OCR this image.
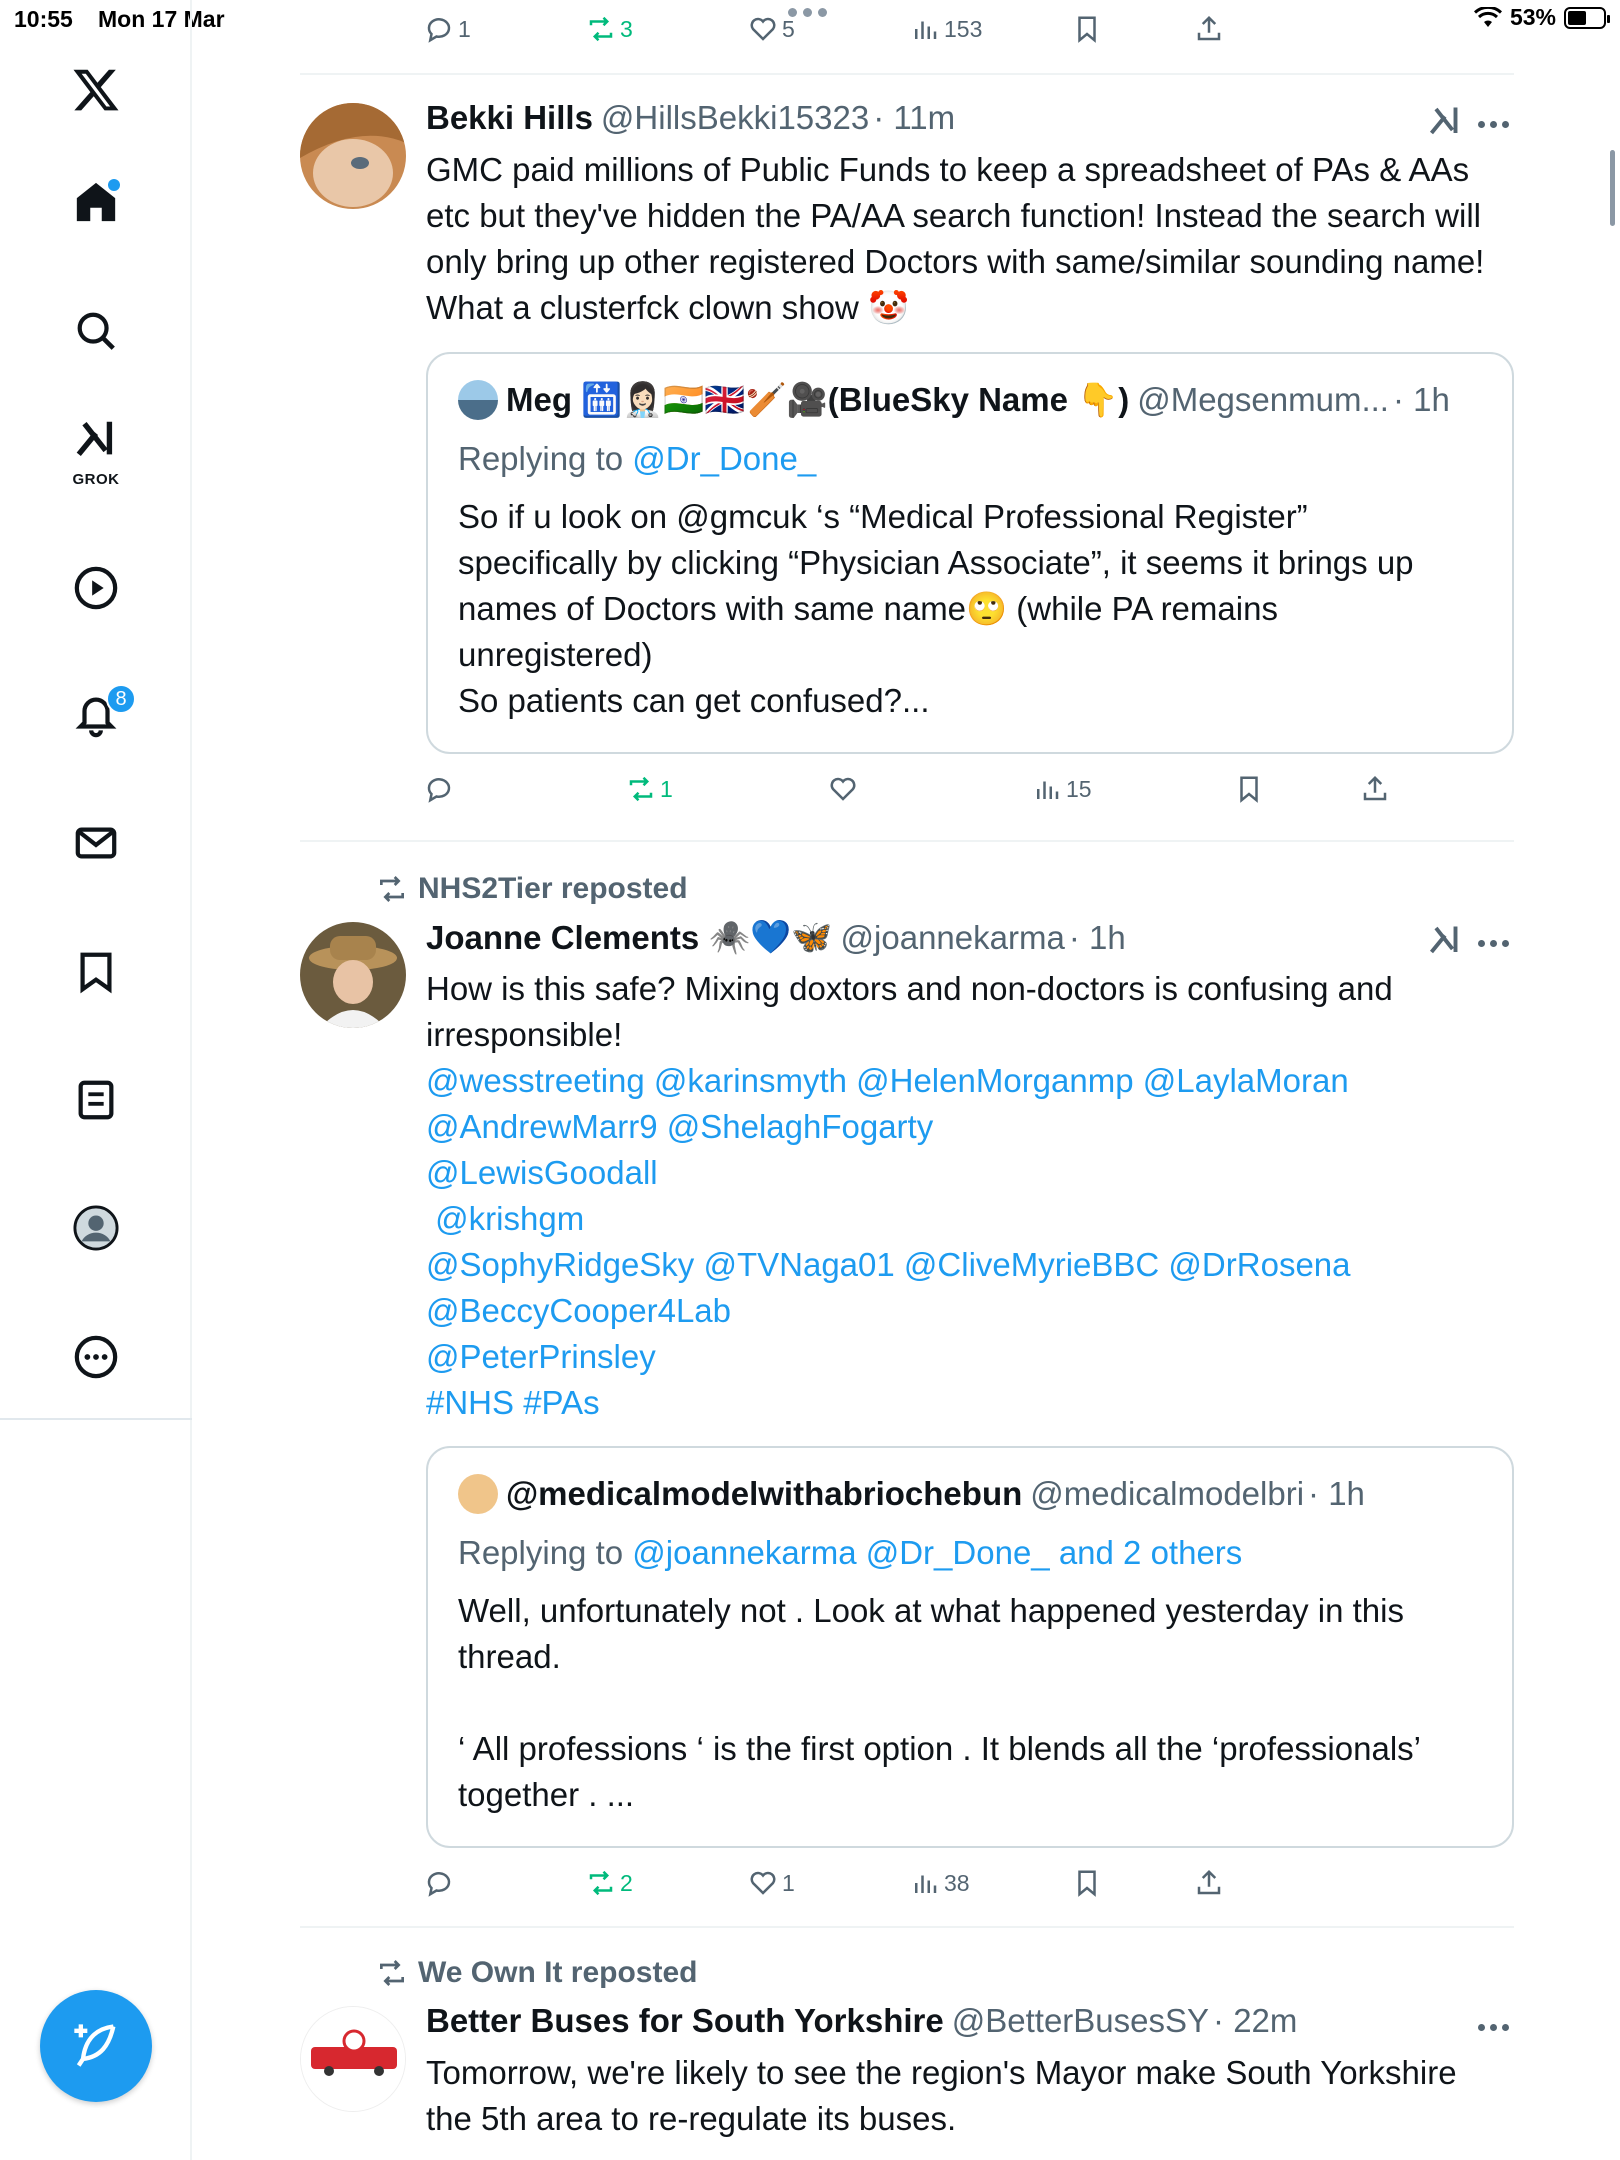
10:55 Mon 17 Mar	53%
GROK
8
1	3	5	153
Bekki Hills @HillsBekki15323 · 11m
GMC paid millions of Public Funds to keep a spreadsheet of PAs & AAs etc but they've hidden the PA/AA search function! Instead the search will only bring up other registered Doctors with same/similar sounding name! What a clusterfck clown show 🤡
Meg 🛗👩🏻‍⚕️🇮🇳🇬🇧🏏🎥(BlueSky Name 👇) @Megsenmum... · 1h
Replying to @Dr_Done_
So if u look on @gmcuk ‘s “Medical Professional Register”
specifically by clicking “Physician Associate”, it seems it brings up
names of Doctors with same name🙄 (while PA remains
unregistered)
So patients can get confused?...
1	15
NHS2Tier reposted
Joanne Clements 🕷️💙🦋 @joannekarma · 1h
How is this safe? Mixing doxtors and non-doctors is confusing and irresponsible!
@wesstreeting @karinsmyth @HelenMorganmp @LaylaMoran
@AndrewMarr9 @ShelaghFogarty
@LewisGoodall
@krishgm
@SophyRidgeSky @TVNaga01 @CliveMyrieBBC @DrRosena
@BeccyCooper4Lab
@PeterPrinsley
#NHS #PAs
@medicalmodelwithabriochebun @medicalmodelbri · 1h
Replying to @joannekarma @Dr_Done_ and 2 others
Well, unfortunately not . Look at what happened yesterday in this
thread.
‘ All professions ‘ is the first option . It blends all the ‘professionals’
together . ...
2	1	38
We Own It reposted
Better Buses for South Yorkshire @BetterBusesSY · 22m
Tomorrow, we're likely to see the region's Mayor make South Yorkshire
the 5th area to re-regulate its buses.
